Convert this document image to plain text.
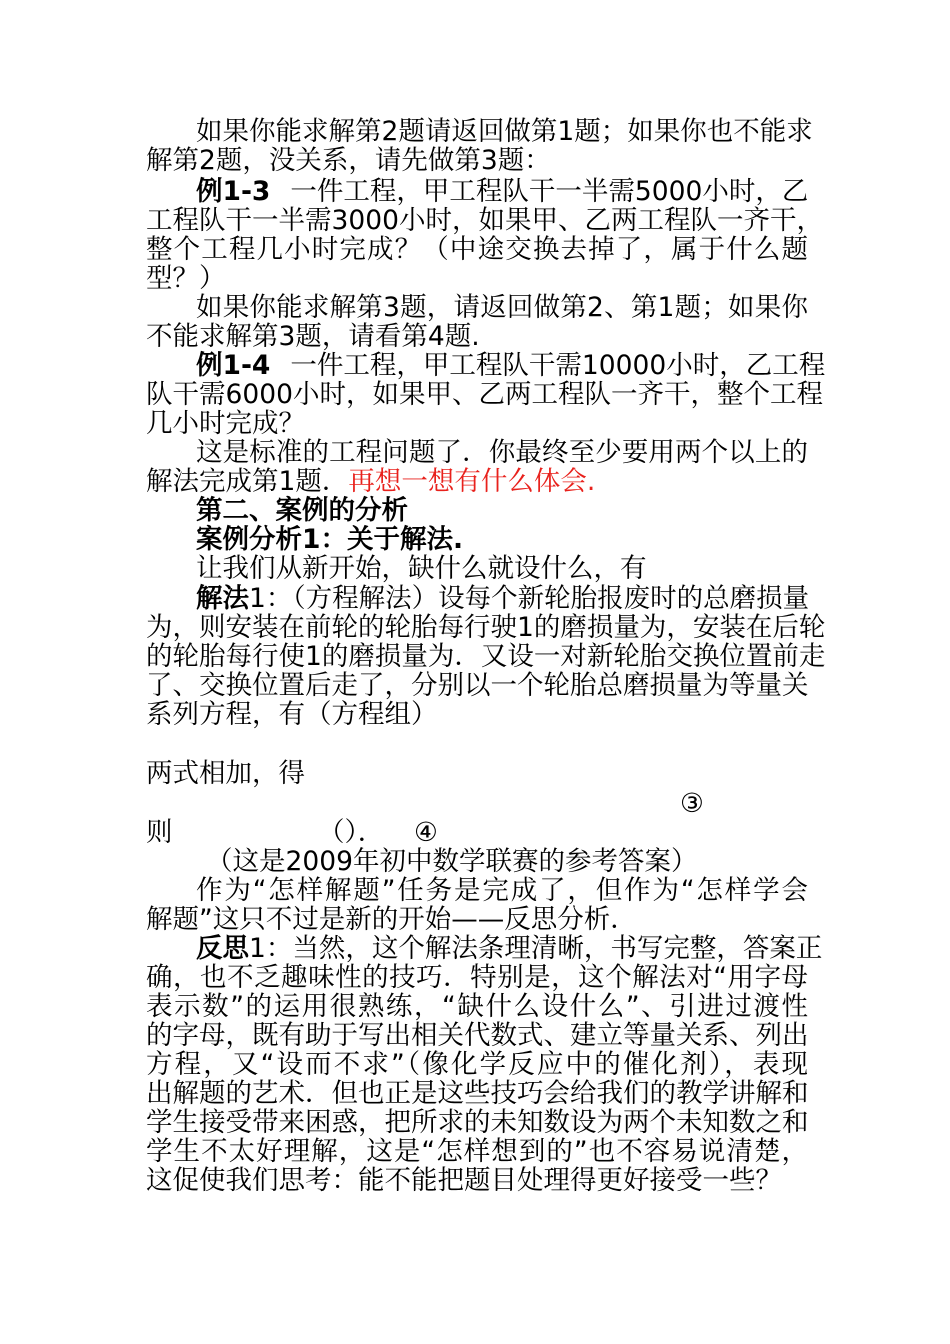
如果你能求解第2题请返回做第1题；如果你也不能求
解第2题，没关系，请先做第3题：
例1-3 一件工程，甲工程队干一半需5000小时，乙
工程队干一半需3000小时，如果甲、乙两工程队一齐干，
整个工程几小时完成？（中途交换去掉了，属于什么题
型？）
如果你能求解第3题，请返回做第2、第1题；如果你
不能求解第3题，请看第4题.
例1-4 一件工程，甲工程队干需10000小时，乙工程
队干需6000小时，如果甲、乙两工程队一齐干，整个工程
几小时完成？
这是标准的工程问题了．你最终至少要用两个以上的
解法完成第1题．再想一想有什么体会.
第二、案例的分析
案例分析1：关于解法.
让我们从新开始，缺什么就设什么，有
解法1：（方程解法）设每个新轮胎报废时的总磨损量
为，则安装在前轮的轮胎每行驶1的磨损量为，安装在后轮
的轮胎每行使1的磨损量为．又设一对新轮胎交换位置前走
了、交换位置后走了，分别以一个轮胎总磨损量为等量关
系列方程，有（方程组）
两式相加，得
③
则	（）． ④
（这是2009年初中数学联赛的参考答案）
作为“怎样解题”任务是完成了，但作为“怎样学会
解题”这只不过是新的开始——反思分析．
反思1：当然，这个解法条理清晰，书写完整，答案正
确，也不乏趣味性的技巧．特别是，这个解法对“用字母
表示数”的运用很熟练，“缺什么设什么”、引进过渡性
的字母，既有助于写出相关代数式、建立等量关系、列出
方程，又“设而不求”（像化学反应中的催化剂），表现
出解题的艺术．但也正是这些技巧会给我们的教学讲解和
学生接受带来困惑，把所求的未知数设为两个未知数之和
学生不太好理解，这是“怎样想到的”也不容易说清楚，
这促使我们思考：能不能把题目处理得更好接受一些？
